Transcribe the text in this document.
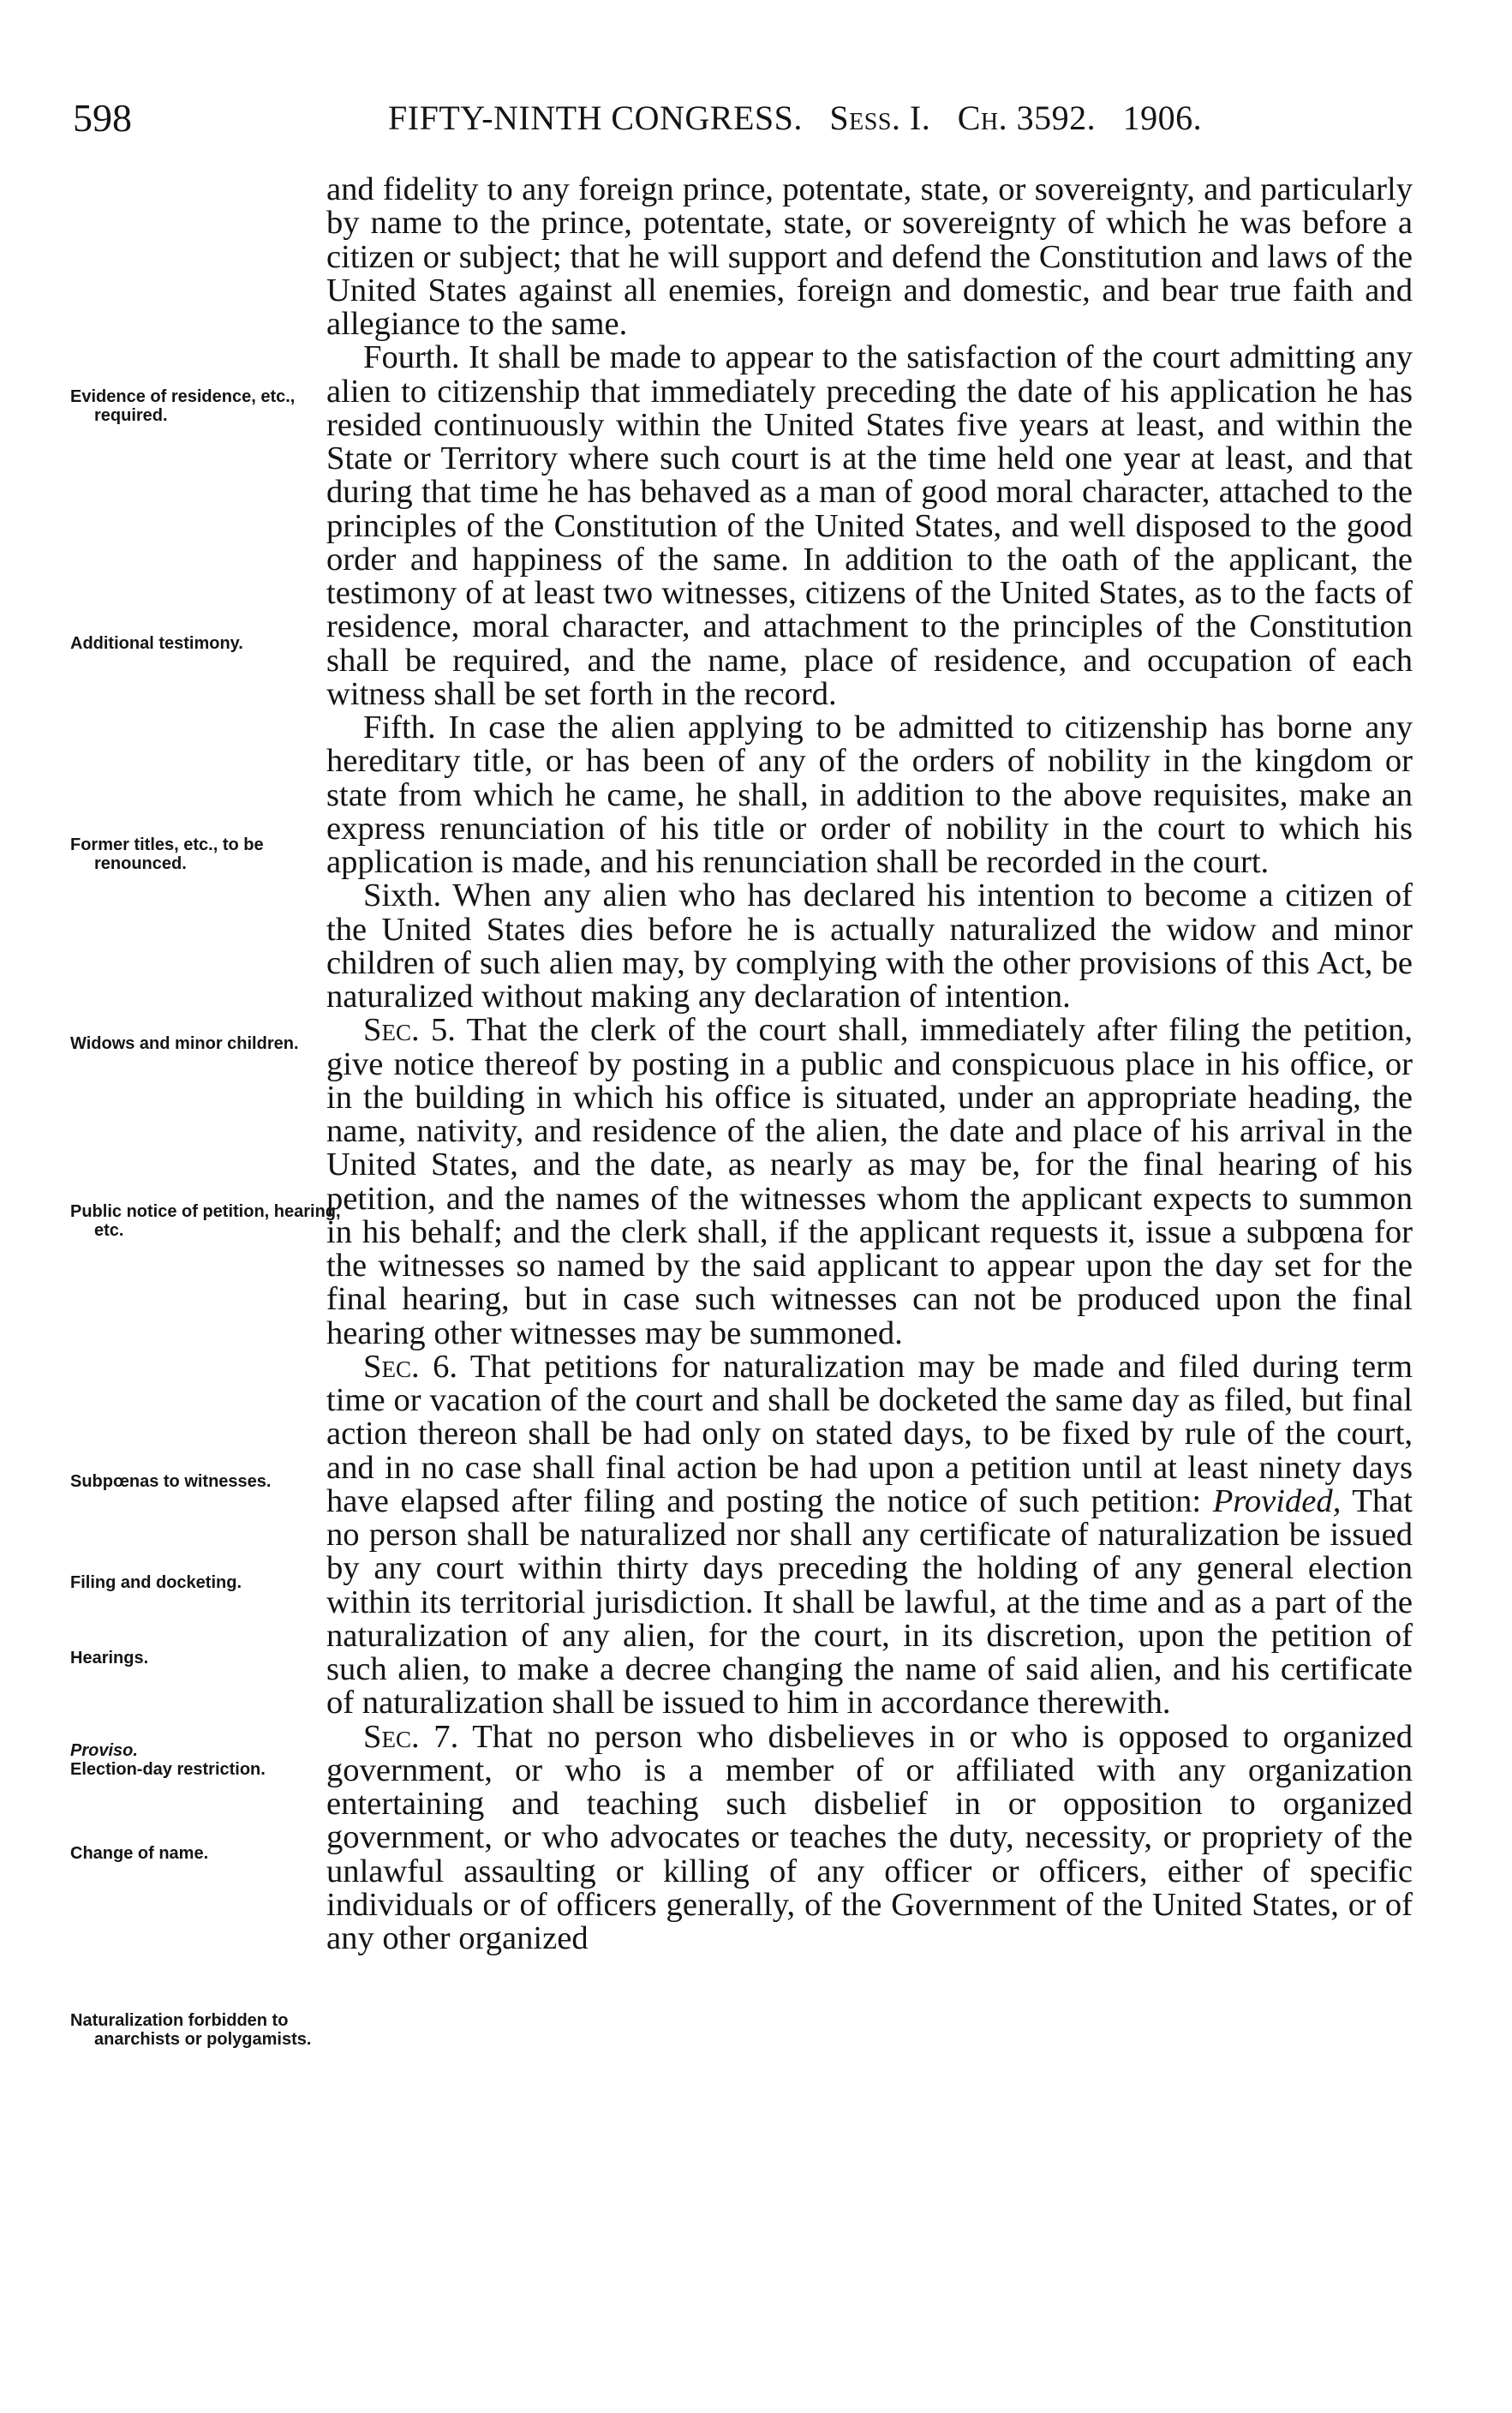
598	FIFTY-NINTH CONGRESS. Sess. I. Ch. 3592. 1906.
Evidence of residence, etc., required.
Additional testimony.
Former titles, etc., to be renounced.
Widows and minor children.
Public notice of petition, hearing, etc.
Subpœnas to witnesses.
Filing and docketing.
Hearings.
Proviso.
Election-day restriction.
Change of name.
Naturalization forbidden to anarchists or polygamists.

and fidelity to any foreign prince, potentate, state, or sovereignty, and particularly by name to the prince, potentate, state, or sovereignty of which he was before a citizen or subject; that he will support and defend the Constitution and laws of the United States against all enemies, foreign and domestic, and bear true faith and allegiance to the same.

Fourth. It shall be made to appear to the satisfaction of the court admitting any alien to citizenship that immediately preceding the date of his application he has resided continuously within the United States five years at least, and within the State or Territory where such court is at the time held one year at least, and that during that time he has behaved as a man of good moral character, attached to the principles of the Constitution of the United States, and well disposed to the good order and happiness of the same. In addition to the oath of the applicant, the testimony of at least two witnesses, citizens of the United States, as to the facts of residence, moral character, and attachment to the principles of the Constitution shall be required, and the name, place of residence, and occupation of each witness shall be set forth in the record.

Fifth. In case the alien applying to be admitted to citizenship has borne any hereditary title, or has been of any of the orders of nobility in the kingdom or state from which he came, he shall, in addition to the above requisites, make an express renunciation of his title or order of nobility in the court to which his application is made, and his renunciation shall be recorded in the court.

Sixth. When any alien who has declared his intention to become a citizen of the United States dies before he is actually naturalized the widow and minor children of such alien may, by complying with the other provisions of this Act, be naturalized without making any declaration of intention.

Sec. 5. That the clerk of the court shall, immediately after filing the petition, give notice thereof by posting in a public and conspicuous place in his office, or in the building in which his office is situated, under an appropriate heading, the name, nativity, and residence of the alien, the date and place of his arrival in the United States, and the date, as nearly as may be, for the final hearing of his petition, and the names of the witnesses whom the applicant expects to summon in his behalf; and the clerk shall, if the applicant requests it, issue a subpœna for the witnesses so named by the said applicant to appear upon the day set for the final hearing, but in case such witnesses can not be produced upon the final hearing other witnesses may be summoned.

Sec. 6. That petitions for naturalization may be made and filed during term time or vacation of the court and shall be docketed the same day as filed, but final action thereon shall be had only on stated days, to be fixed by rule of the court, and in no case shall final action be had upon a petition until at least ninety days have elapsed after filing and posting the notice of such petition: Provided, That no person shall be naturalized nor shall any certificate of naturalization be issued by any court within thirty days preceding the holding of any general election within its territorial jurisdiction. It shall be lawful, at the time and as a part of the naturalization of any alien, for the court, in its discretion, upon the petition of such alien, to make a decree changing the name of said alien, and his certificate of naturalization shall be issued to him in accordance therewith.

Sec. 7. That no person who disbelieves in or who is opposed to organized government, or who is a member of or affiliated with any organization entertaining and teaching such disbelief in or opposition to organized government, or who advocates or teaches the duty, necessity, or propriety of the unlawful assaulting or killing of any officer or officers, either of specific individuals or of officers generally, of the Government of the United States, or of any other organized
